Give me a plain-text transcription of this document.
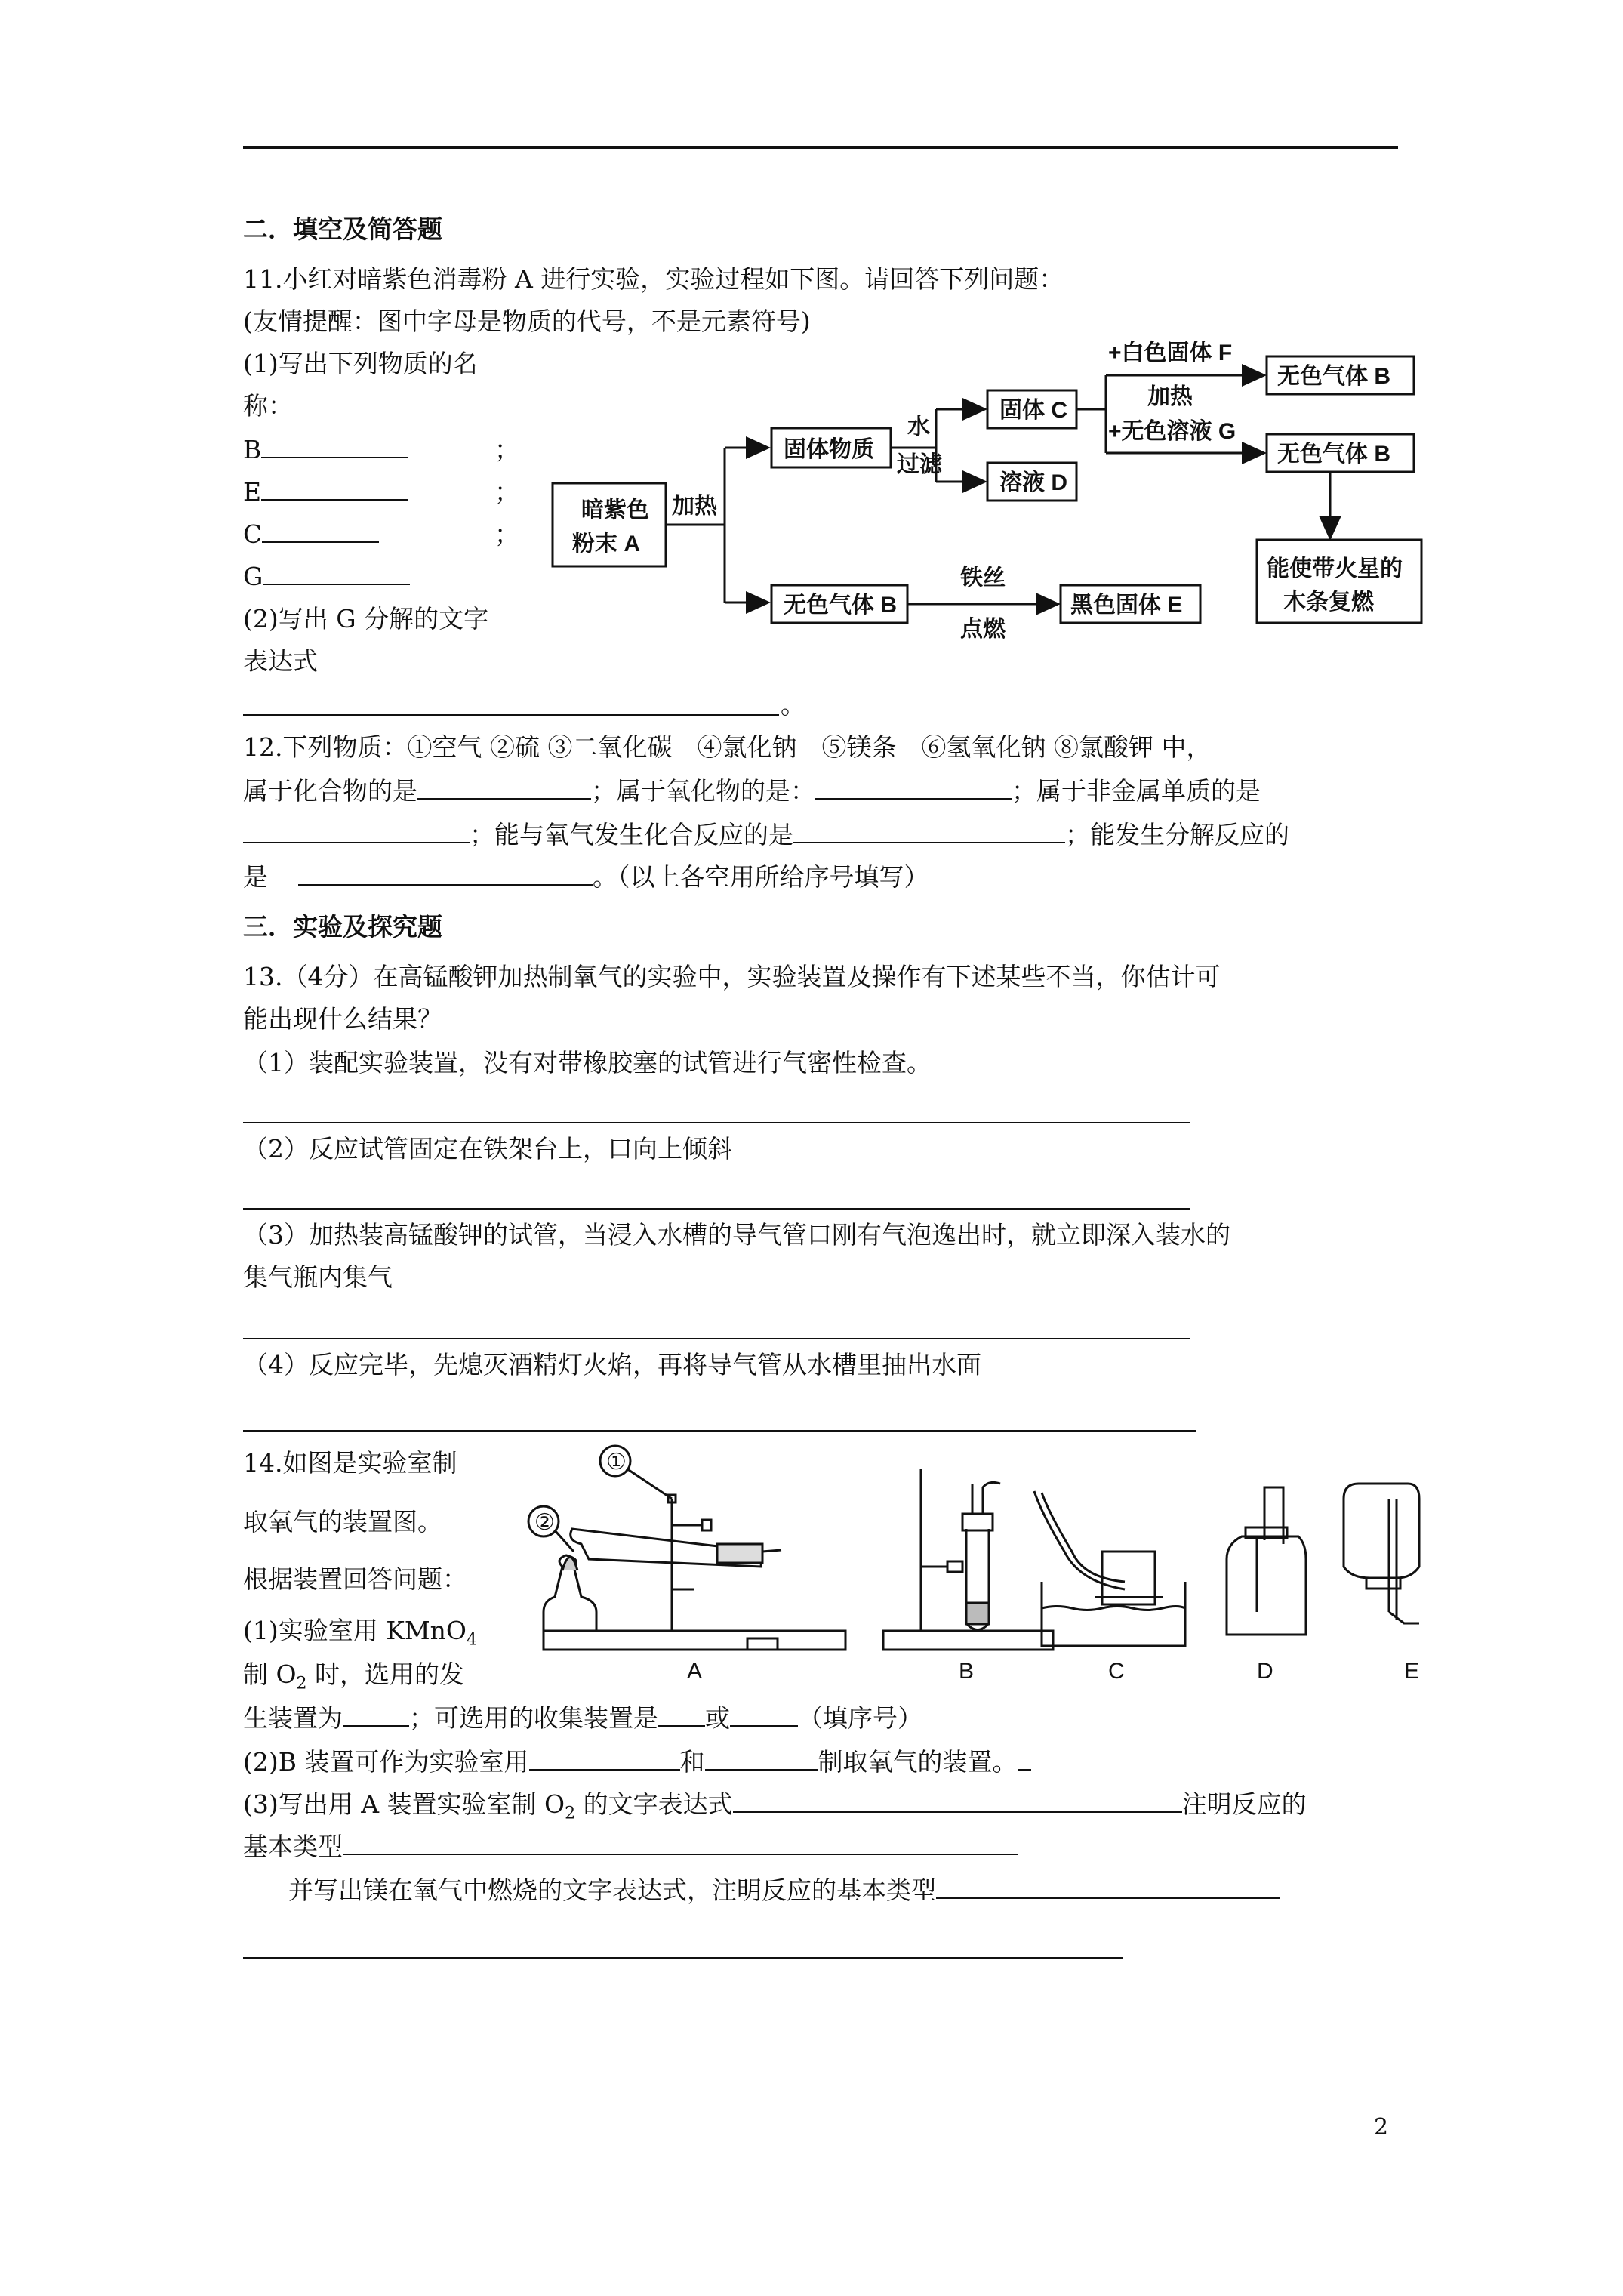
二．填空及简答题
11.小红对暗紫色消毒粉 A 进行实验，实验过程如下图。请回答下列问题：
(友情提醒：图中字母是物质的代号，不是元素符号)
(1)写出下列物质的名
称：
B	；
E	；
C	；
G
(2)写出 G 分解的文字
表达式
。
暗紫色
粉末 A
加热
固体物质
水
过滤
固体 C
溶液 D
+白色固体 F
加热
+无色溶液 G
无色气体 B
无色气体 B
能使带火星的
木条复燃
无色气体 B
铁丝
点燃
黑色固体 E
12.下列物质：①空气 ②硫 ③二氧化碳　④氯化钠　⑤镁条　⑥氢氧化钠 ⑧氯酸钾 中，
属于化合物的是	；属于氧化物的是：	；属于非金属单质的是
；能与氧气发生化合反应的是	；能发生分解反应的
是	。（以上各空用所给序号填写）
三．实验及探究题
13.（4分）在高锰酸钾加热制氧气的实验中，实验装置及操作有下述某些不当，你估计可
能出现什么结果？
（1）装配实验装置，没有对带橡胶塞的试管进行气密性检查。
（2）反应试管固定在铁架台上，口向上倾斜
（3）加热装高锰酸钾的试管，当浸入水槽的导气管口刚有气泡逸出时，就立即深入装水的
集气瓶内集气
（4）反应完毕，先熄灭酒精灯火焰，再将导气管从水槽里抽出水面
14.如图是实验室制
取氧气的装置图。
根据装置回答问题：
(1)实验室用 KMnO$_4$
制 $O_2$ 时，选用的发
生装置为	；可选用的收集装置是 或	（填序号）
(2)B 装置可作为实验室用	和	制取氧气的装置。
(3)写出用 A 装置实验室制 $O_2$ 的文字表达式	注明反应的
基本类型
并写出镁在氧气中燃烧的文字表达式，注明反应的基本类型
①
②
A	B	C	D	E
2
